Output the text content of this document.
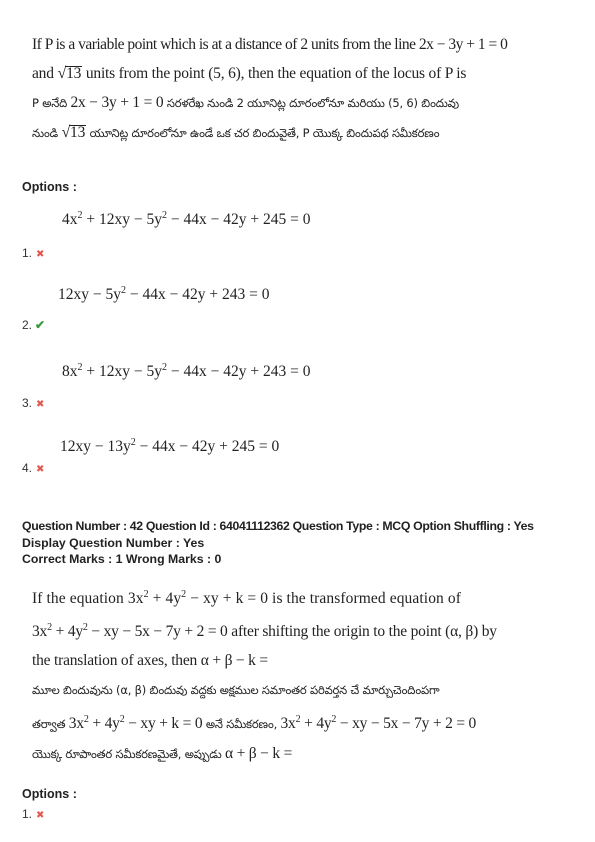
If P is a variable point which is at a distance of 2 units from the line 2x − 3y + 1 = 0
and √13 units from the point (5, 6), then the equation of the locus of P is
P అనేది 2x − 3y + 1 = 0 సరళరేఖ నుండి 2 యూనిట్ల దూరంలోనూ మరియు (5, 6) బిందువు
నుండి √13 యూనిట్ల దూరంలోనూ ఉండే ఒక చర బిందువైతే, P యొక్క బిందుపథ సమీకరణం
Options :
$4x^2 + 12xy - 5y^2 - 44x - 42y + 245 = 0$
1. ✖
$12xy - 5y^2 - 44x - 42y + 243 = 0$
2. ✔
$8x^2 + 12xy - 5y^2 - 44x - 42y + 243 = 0$
3. ✖
$12xy - 13y^2 - 44x - 42y + 245 = 0$
4. ✖
Question Number : 42 Question Id : 64041112362 Question Type : MCQ Option Shuffling : Yes
Display Question Number : Yes
Correct Marks : 1 Wrong Marks : 0
If the equation $3x^2 + 4y^2$ − xy + k = 0 is the transformed equation of
$3x^2 + 4y^2$ − xy − 5x − 7y + 2 = 0 after shifting the origin to the point (α, β) by
the translation of axes, then α + β − k =
మూల బిందువును (α, β) బిందువు వద్దకు అక్షముల సమాంతర పరివర్తన చే మార్చుచెందింపగా
తర్వాత $3x^2 + 4y^2$ − xy + k = 0 అనే సమీకరణం, $3x^2 + 4y^2$ − xy − 5x − 7y + 2 = 0
యొక్క రూపాంతర సమీకరణమైతే, అప్పుడు α + β − k =
Options :
1. ✖
